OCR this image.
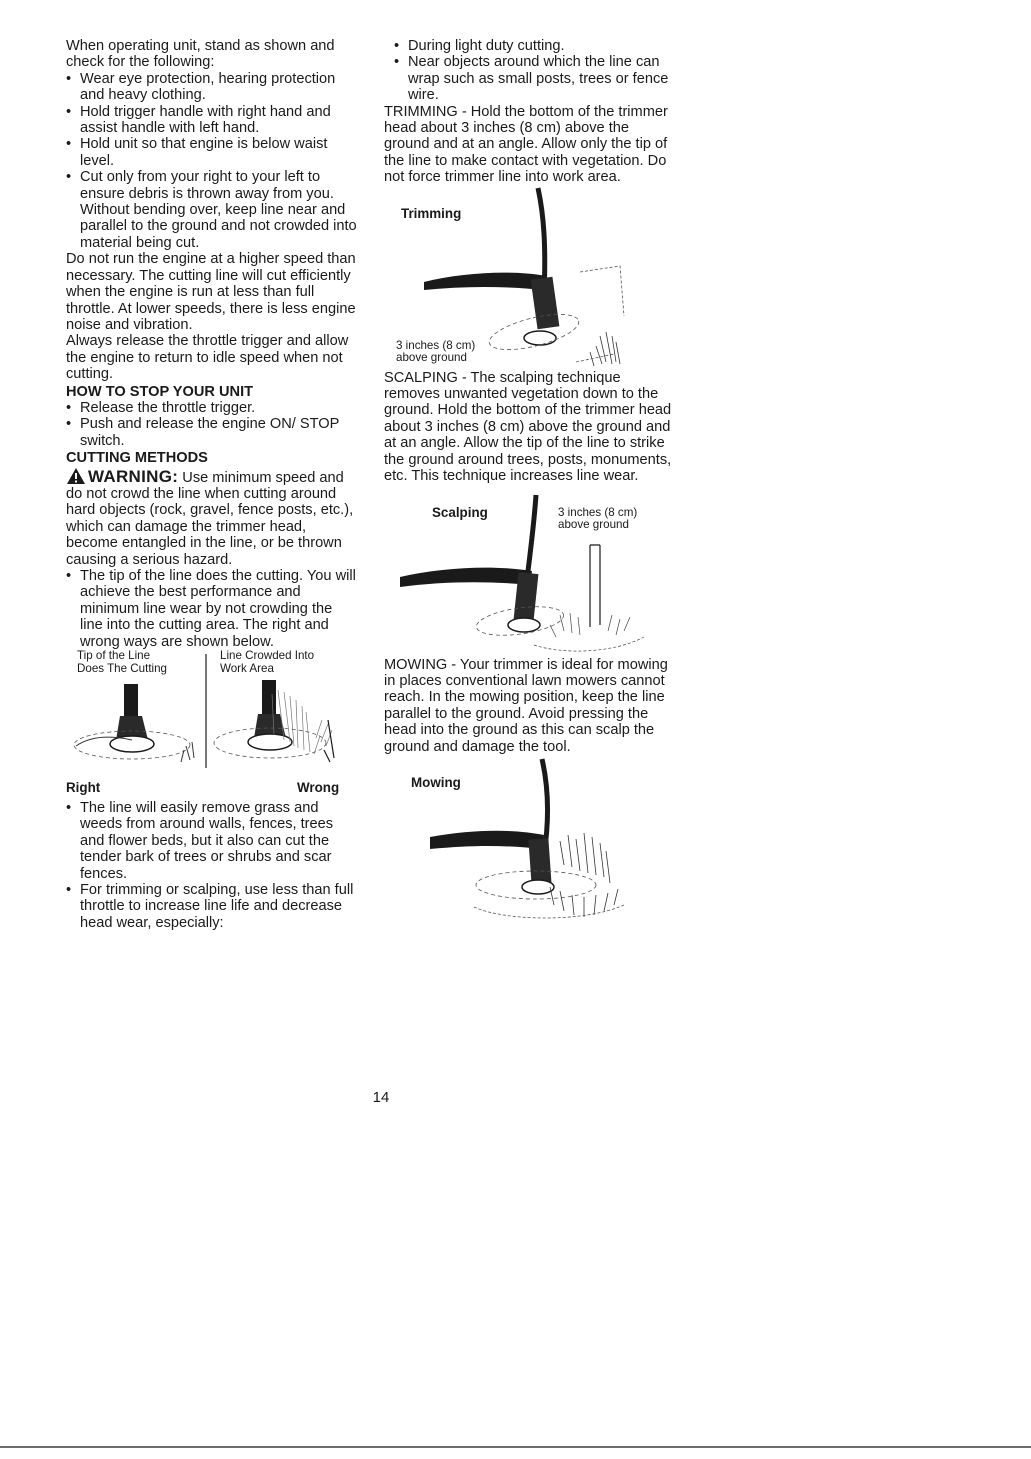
When operating unit, stand as shown and check for the following:

• Wear eye protection, hearing protection and heavy clothing.
• Hold trigger handle with right hand and assist handle with left hand.
• Hold unit so that engine is below waist level.
• Cut only from your right to your left to ensure debris is thrown away from you. Without bending over, keep line near and parallel to the ground and not crowded into material being cut.

Do not run the engine at a higher speed than necessary. The cutting line will cut efficiently when the engine is run at less than full throttle. At lower speeds, there is less engine noise and vibration.

Always release the throttle trigger and allow the engine to return to idle speed when not cutting.

HOW TO STOP YOUR UNIT
• Release the throttle trigger.
• Push and release the engine ON/ STOP switch.
CUTTING METHODS

WARNING: Use minimum speed and do not crowd the line when cutting around hard objects (rock, gravel, fence posts, etc.), which can damage the trimmer head, become entangled in the line, or be thrown causing a serious hazard.

• The tip of the line does the cutting. You will achieve the best performance and minimum line wear by not crowding the line into the cutting area. The right and wrong ways are shown below.
Tip of the Line
Does The Cutting
Line Crowded Into
Work Area
Right	Wrong
• The line will easily remove grass and weeds from around walls, fences, trees and flower beds, but it also can cut the tender bark of trees or shrubs and scar fences.
• For trimming or scalping, use less than full throttle to increase line life and decrease head wear, especially:
• During light duty cutting.
• Near objects around which the line can wrap such as small posts, trees or fence wire.

TRIMMING - Hold the bottom of the trimmer head about 3 inches (8 cm) above the ground and at an angle. Allow only the tip of the line to make contact with vegetation. Do not force trimmer line into work area.

Trimming
3 inches (8 cm)
above ground

SCALPING - The scalping technique removes unwanted vegetation down to the ground. Hold the bottom of the trimmer head about 3 inches (8 cm) above the ground and at an angle. Allow the tip of the line to strike the ground around trees, posts, monuments, etc. This technique increases line wear.

Scalping	3 inches (8 cm)
above ground

MOWING - Your trimmer is ideal for mowing in places conventional lawn mowers cannot reach. In the mowing position, keep the line parallel to the ground. Avoid pressing the head into the ground as this can scalp the ground and damage the tool.

Mowing
14
